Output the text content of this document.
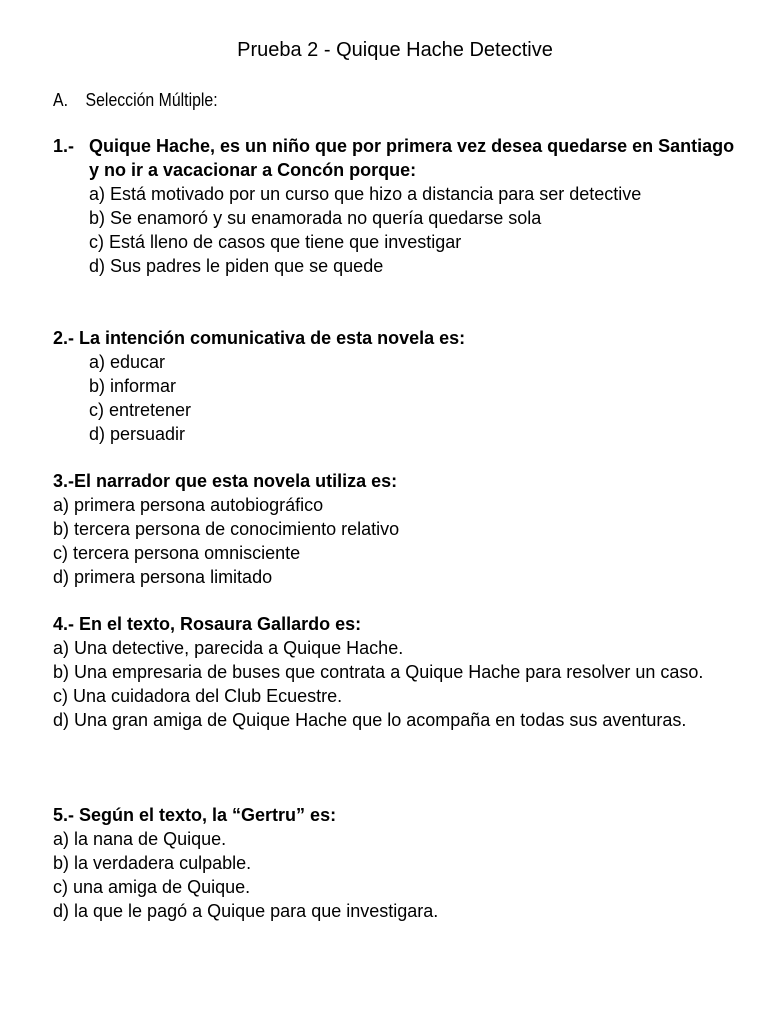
Prueba 2 - Quique Hache Detective
A. Selección Múltiple:
1.- Quique Hache, es un niño que por primera vez desea quedarse en Santiago y no ir a vacacionar a Concón porque:
a) Está motivado por un curso que hizo a distancia para ser detective
b) Se enamoró y su enamorada no quería quedarse sola
c) Está lleno de casos que tiene que investigar
d) Sus padres le piden que se quede
2.- La intención comunicativa de esta novela es:
a) educar
b) informar
c) entretener
d) persuadir
3.-El narrador que esta novela utiliza es:
a) primera persona autobiográfico
b) tercera persona de conocimiento relativo
c) tercera persona omnisciente
d) primera persona limitado
4.- En el texto, Rosaura Gallardo es:
a) Una detective, parecida a Quique Hache.
b) Una empresaria de buses que contrata a Quique Hache para resolver un caso.
c) Una cuidadora del Club Ecuestre.
d) Una gran amiga de Quique Hache que lo acompaña en todas sus aventuras.
5.- Según el texto, la “Gertru” es:
a) la nana de Quique.
b) la verdadera culpable.
c) una amiga de Quique.
d) la que le pagó a Quique para que investigara.
